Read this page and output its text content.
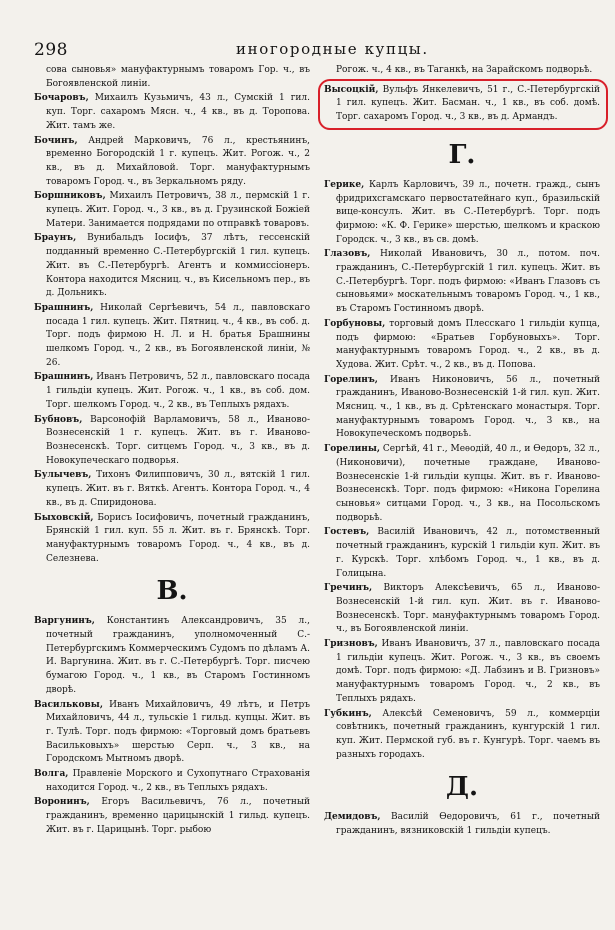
298	иногородные купцы.
сова сыновья» мануфактурнымъ товаромъ Гор. ч., въ Богоявленской линіи.
Бочаровъ, Михаилъ Кузьмичъ, 43 л., Сумскій 1 гил. куп. Торг. сахаромъ Мясн. ч., 4 кв., въ д. Торопова. Жит. тамъ же.
Бочинъ, Андрей Марковичъ, 76 л., крестьянинъ, временно Богородскій 1 г. купецъ. Жит. Рогож. ч., 2 кв., въ д. Михайловой. Торг. мануфактурнымъ товаромъ Город. ч., въ Зеркальномъ ряду.
Боршниковъ, Михаилъ Петровичъ, 38 л., пермскій 1 г. купецъ. Жит. Город. ч., 3 кв., въ д. Грузинской Божіей Матери. Занимается подрядами по отправкѣ товаровъ.
Браунъ, Вунибальдъ Іосифъ, 37 лѣтъ, гессенскій подданный временно С.-Петербургскій 1 гил. купецъ. Жит. въ С.-Петербургѣ. Агентъ и коммиссіонеръ. Контора находится Мясниц. ч., въ Кисельномъ пер., въ д. Дольникъ.
Брашнинъ, Николай Сергѣевичъ, 54 л., павловскаго посада 1 гил. купецъ. Жит. Пятниц. ч., 4 кв., въ соб. д. Торг. подъ фирмою Н. Л. и Н. братья Брашнины шелкомъ Город. ч., 2 кв., въ Богоявленской линіи, № 26.
Брашнинъ, Иванъ Петровичъ, 52 л., павловскаго посада 1 гильдіи купецъ. Жит. Рогож. ч., 1 кв., въ соб. дом. Торг. шелкомъ Город. ч., 2 кв., въ Теплыхъ рядахъ.
Бубновъ, Варсонофій Варламовичъ, 58 л., Иваново-Вознесенскій 1 г. купецъ. Жит. въ г. Иваново-Вознесенскѣ. Торг. ситцемъ Город. ч., 3 кв., въ д. Новокупеческаго подворья.
Булычевъ, Тихонъ Филипповичъ, 30 л., вятскій 1 гил. купецъ. Жит. въ г. Вяткѣ. Агентъ. Контора Город. ч., 4 кв., въ д. Спиридонова.
Быховскій, Борисъ Іосифовичъ, почетный гражданинъ, Брянскій 1 гил. куп. 55 л. Жит. въ г. Брянскѣ. Торг. мануфактурнымъ товаромъ Город. ч., 4 кв., въ д. Селезнева.
В.
Варгунинъ, Константинъ Александровичъ, 35 л., почетный гражданинъ, уполномоченный С.-Петербургскимъ Коммерческимъ Судомъ по дѣламъ А. И. Варгунина. Жит. въ г. С.-Петербургѣ. Торг. писчею бумагою Город. ч., 1 кв., въ Старомъ Гостинномъ дворѣ.
Васильковы, Иванъ Михайловичъ, 49 лѣтъ, и Петръ Михайловичъ, 44 л., тульскіе 1 гильд. купцы. Жит. въ г. Тулѣ. Торг. подъ фирмою: «Торговый домъ братьевъ Васильковыхъ» шерстью Серп. ч., 3 кв., на Городскомъ Мытномъ дворѣ.
Волга, Правленіе Морского и Сухопутнаго Страхованія находится Город. ч., 2 кв., въ Теплыхъ рядахъ.
Воронинъ, Егоръ Васильевичъ, 76 л., почетный гражданинъ, временно царицынскій 1 гильд. купецъ. Жит. въ г. Царицынѣ. Торг. рыбою
Рогож. ч., 4 кв., въ Таганкѣ, на Зарайскомъ подворьѣ.
Высоцкій, Вульфъ Янкелевичъ, 51 г., С.-Петербургскій 1 гил. купецъ. Жит. Басман. ч., 1 кв., въ соб. домѣ. Торг. сахаромъ Город. ч., 3 кв., въ д. Армандъ.
Г.
Герике, Карлъ Карловичъ, 39 л., почетн. гражд., сынъ фридрихсгамскаго первостатейнаго куп., бразильскій вице-консулъ. Жит. въ С.-Петербургѣ. Торг. подъ фирмою: «К. Ф. Герике» шерстью, шелкомъ и краскою Городск. ч., 3 кв., въ св. домѣ.
Глазовъ, Николай Ивановичъ, 30 л., потом. поч. гражданинъ, С.-Петербургскій 1 гил. купецъ. Жит. въ С.-Петербургѣ. Торг. подъ фирмою: «Иванъ Глазовъ съ сыновьями» москательнымъ товаромъ Город. ч., 1 кв., въ Старомъ Гостинномъ дворѣ.
Горбуновы, торговый домъ Плесскаго 1 гильдіи купца, подъ фирмою: «Братьев Горбуновыхъ». Торг. мануфактурнымъ товаромъ Город. ч., 2 кв., въ д. Худова. Жит. Срѣт. ч., 2 кв., въ д. Попова.
Горелинъ, Иванъ Никоновичъ, 56 л., почетный гражданинъ, Иваново-Вознесенскій 1-й гил. куп. Жит. Мясниц. ч., 1 кв., въ д. Срѣтенскаго монастыря. Торг. мануфактурнымъ товаромъ Город. ч., 3 кв., на Новокупеческомъ подворьѣ.
Горелины, Сергѣй, 41 г., Меѳодій, 40 л., и Ѳедоръ, 32 л., (Никоновичи), почетные граждане, Иваново-Вознесенскіе 1-й гильдіи купцы. Жит. въ г. Иваново-Вознесенскѣ. Торг. подъ фирмою: «Никона Горелина сыновья» ситцами Город. ч., 3 кв., на Посольскомъ подворьѣ.
Гостевъ, Василій Ивановичъ, 42 л., потомственный почетный гражданинъ, курскій 1 гильдіи куп. Жит. въ г. Курскѣ. Торг. хлѣбомъ Город. ч., 1 кв., въ д. Голицына.
Гречинъ, Викторъ Алексѣевичъ, 65 л., Иваново-Вознесенскій 1-й гил. куп. Жит. въ г. Иваново-Вознесенскѣ. Торг. мануфактурнымъ товаромъ Город. ч., въ Богоявленской линіи.
Гризновъ, Иванъ Ивановичъ, 37 л., павловскаго посада 1 гильдіи купецъ. Жит. Рогож. ч., 3 кв., въ своемъ домѣ. Торг. подъ фирмою: «Д. Лабзинъ и В. Гризновъ» мануфактурнымъ товаромъ Город. ч., 2 кв., въ Теплыхъ рядахъ.
Губкинъ, Алексѣй Семеновичъ, 59 л., коммерціи совѣтникъ, почетный гражданинъ, кунгурскій 1 гил. куп. Жит. Пермской губ. въ г. Кунгурѣ. Торг. чаемъ въ разныхъ городахъ.
Д.
Демидовъ, Василій Ѳедоровичъ, 61 г., почетный гражданинъ, вязниковскій 1 гильдіи купецъ.
